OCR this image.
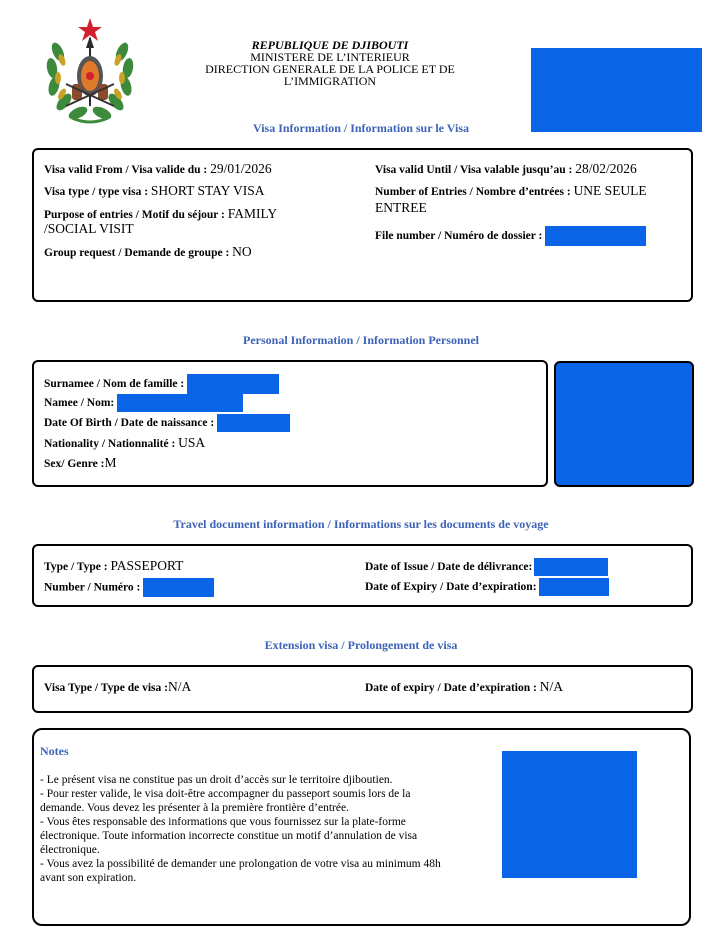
REPUBLIQUE DE DJIBOUTI
MINISTERE DE L’INTERIEUR
DIRECTION GENERALE DE LA POLICE ET DE
L’IMMIGRATION
Visa Information / Information sur le Visa
Visa valid From / Visa valide du : 29/01/2026	Visa valid Until / Visa valable jusqu’au : 28/02/2026
Visa type / type visa : SHORT STAY VISA	Number of Entries / Nombre d’entrées : UNE SEULE
ENTREE
Purpose of entries / Motif du séjour : FAMILY
/SOCIAL VISIT	File number / Numéro de dossier :
Group request / Demande de groupe : NO
Personal Information / Information Personnel
Surnamee / Nom de famille :
Namee / Nom:
Date Of Birth / Date de naissance :
Nationality / Nationnalité : USA
Sex/ Genre :M
Travel document information / Informations sur les documents de voyage
Type / Type : PASSEPORT	Date of Issue / Date de délivrance:
Number / Numéro :	Date of Expiry / Date d’expiration:
Extension visa / Prolongement de visa
Visa Type / Type de visa :N/A	Date of expiry / Date d’expiration : N/A
Notes
- Le présent visa ne constitue pas un droit d’accès sur le territoire djiboutien.
- Pour rester valide, le visa doit-être accompagner du passeport soumis lors de la
demande. Vous devez les présenter à la première frontière d’entrée.
- Vous êtes responsable des informations que vous fournissez sur la plate-forme
électronique. Toute information incorrecte constitue un motif d’annulation de visa
électronique.
- Vous avez la possibilité de demander une prolongation de votre visa au minimum 48h
avant son expiration.
